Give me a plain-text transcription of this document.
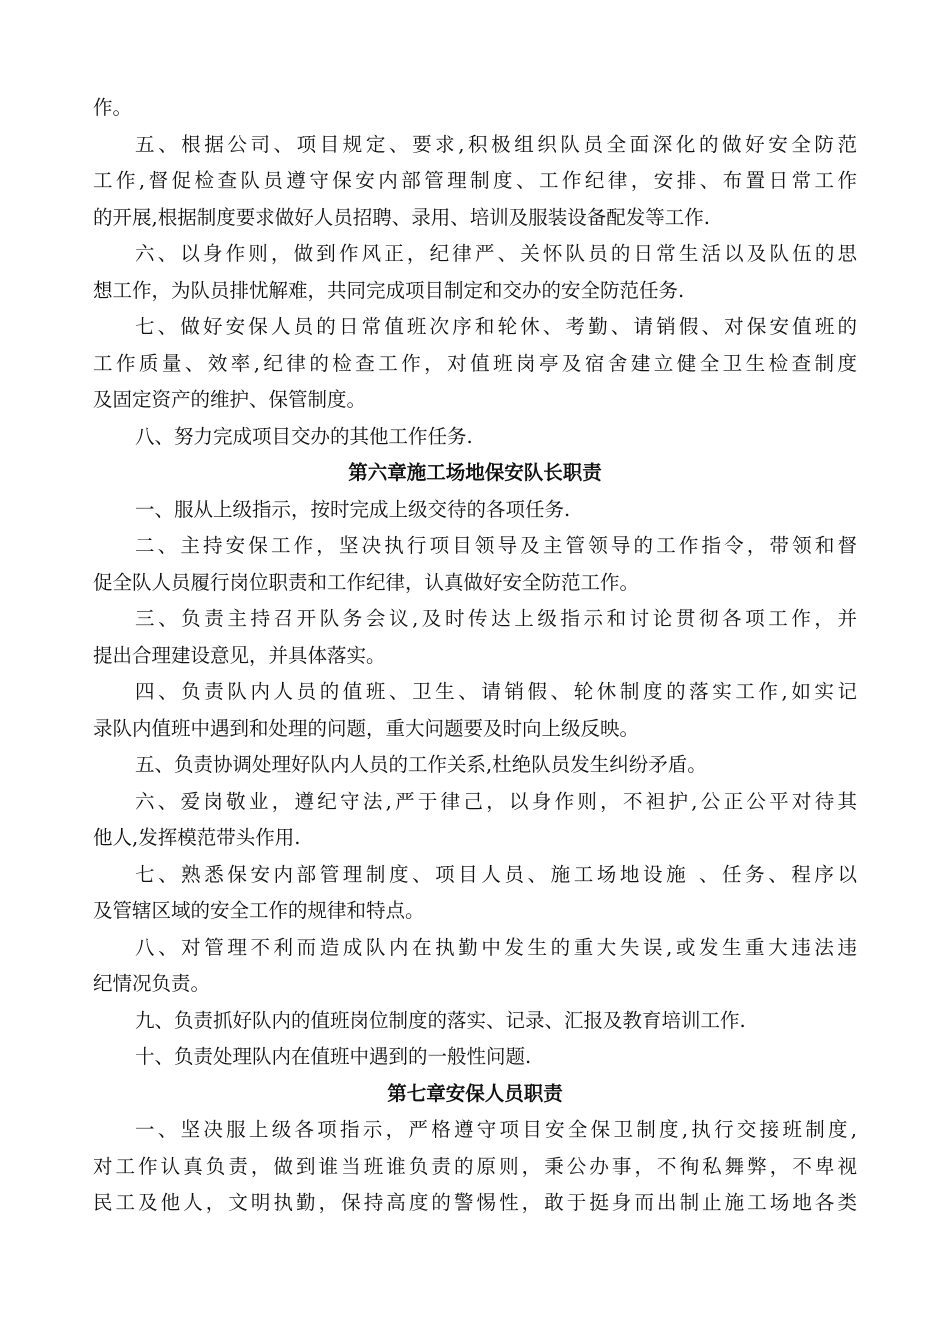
作。
五、根据公司、项目规定、要求,积极组织队员全面深化的做好安全防范
工作,督促检查队员遵守保安内部管理制度、工作纪律，安排、布置日常工作
的开展,根据制度要求做好人员招聘、录用、培训及服装设备配发等工作.
六、以身作则，做到作风正，纪律严、关怀队员的日常生活以及队伍的思
想工作，为队员排忧解难，共同完成项目制定和交办的安全防范任务.
七、做好安保人员的日常值班次序和轮休、考勤、请销假、对保安值班的
工作质量、效率,纪律的检查工作，对值班岗亭及宿舍建立健全卫生检查制度
及固定资产的维护、保管制度。
八、努力完成项目交办的其他工作任务.
第六章施工场地保安队长职责
一、服从上级指示，按时完成上级交待的各项任务.
二、主持安保工作，坚决执行项目领导及主管领导的工作指令，带领和督
促全队人员履行岗位职责和工作纪律，认真做好安全防范工作。
三、负责主持召开队务会议,及时传达上级指示和讨论贯彻各项工作，并
提出合理建设意见，并具体落实。
四、负责队内人员的值班、卫生、请销假、轮休制度的落实工作,如实记
录队内值班中遇到和处理的问题，重大问题要及时向上级反映。
五、负责协调处理好队内人员的工作关系,杜绝队员发生纠纷矛盾。
六、爱岗敬业，遵纪守法,严于律己，以身作则，不袒护,公正公平对待其
他人,发挥模范带头作用.
七、熟悉保安内部管理制度、项目人员、施工场地设施 、任务、程序以
及管辖区域的安全工作的规律和特点。
八、对管理不利而造成队内在执勤中发生的重大失误,或发生重大违法违
纪情况负责。
九、负责抓好队内的值班岗位制度的落实、记录、汇报及教育培训工作.
十、负责处理队内在值班中遇到的一般性问题.
第七章安保人员职责
一、坚决服上级各项指示，严格遵守项目安全保卫制度,执行交接班制度,
对工作认真负责，做到谁当班谁负责的原则，秉公办事，不徇私舞弊，不卑视
民工及他人，文明执勤，保持高度的警惕性，敢于挺身而出制止施工场地各类
